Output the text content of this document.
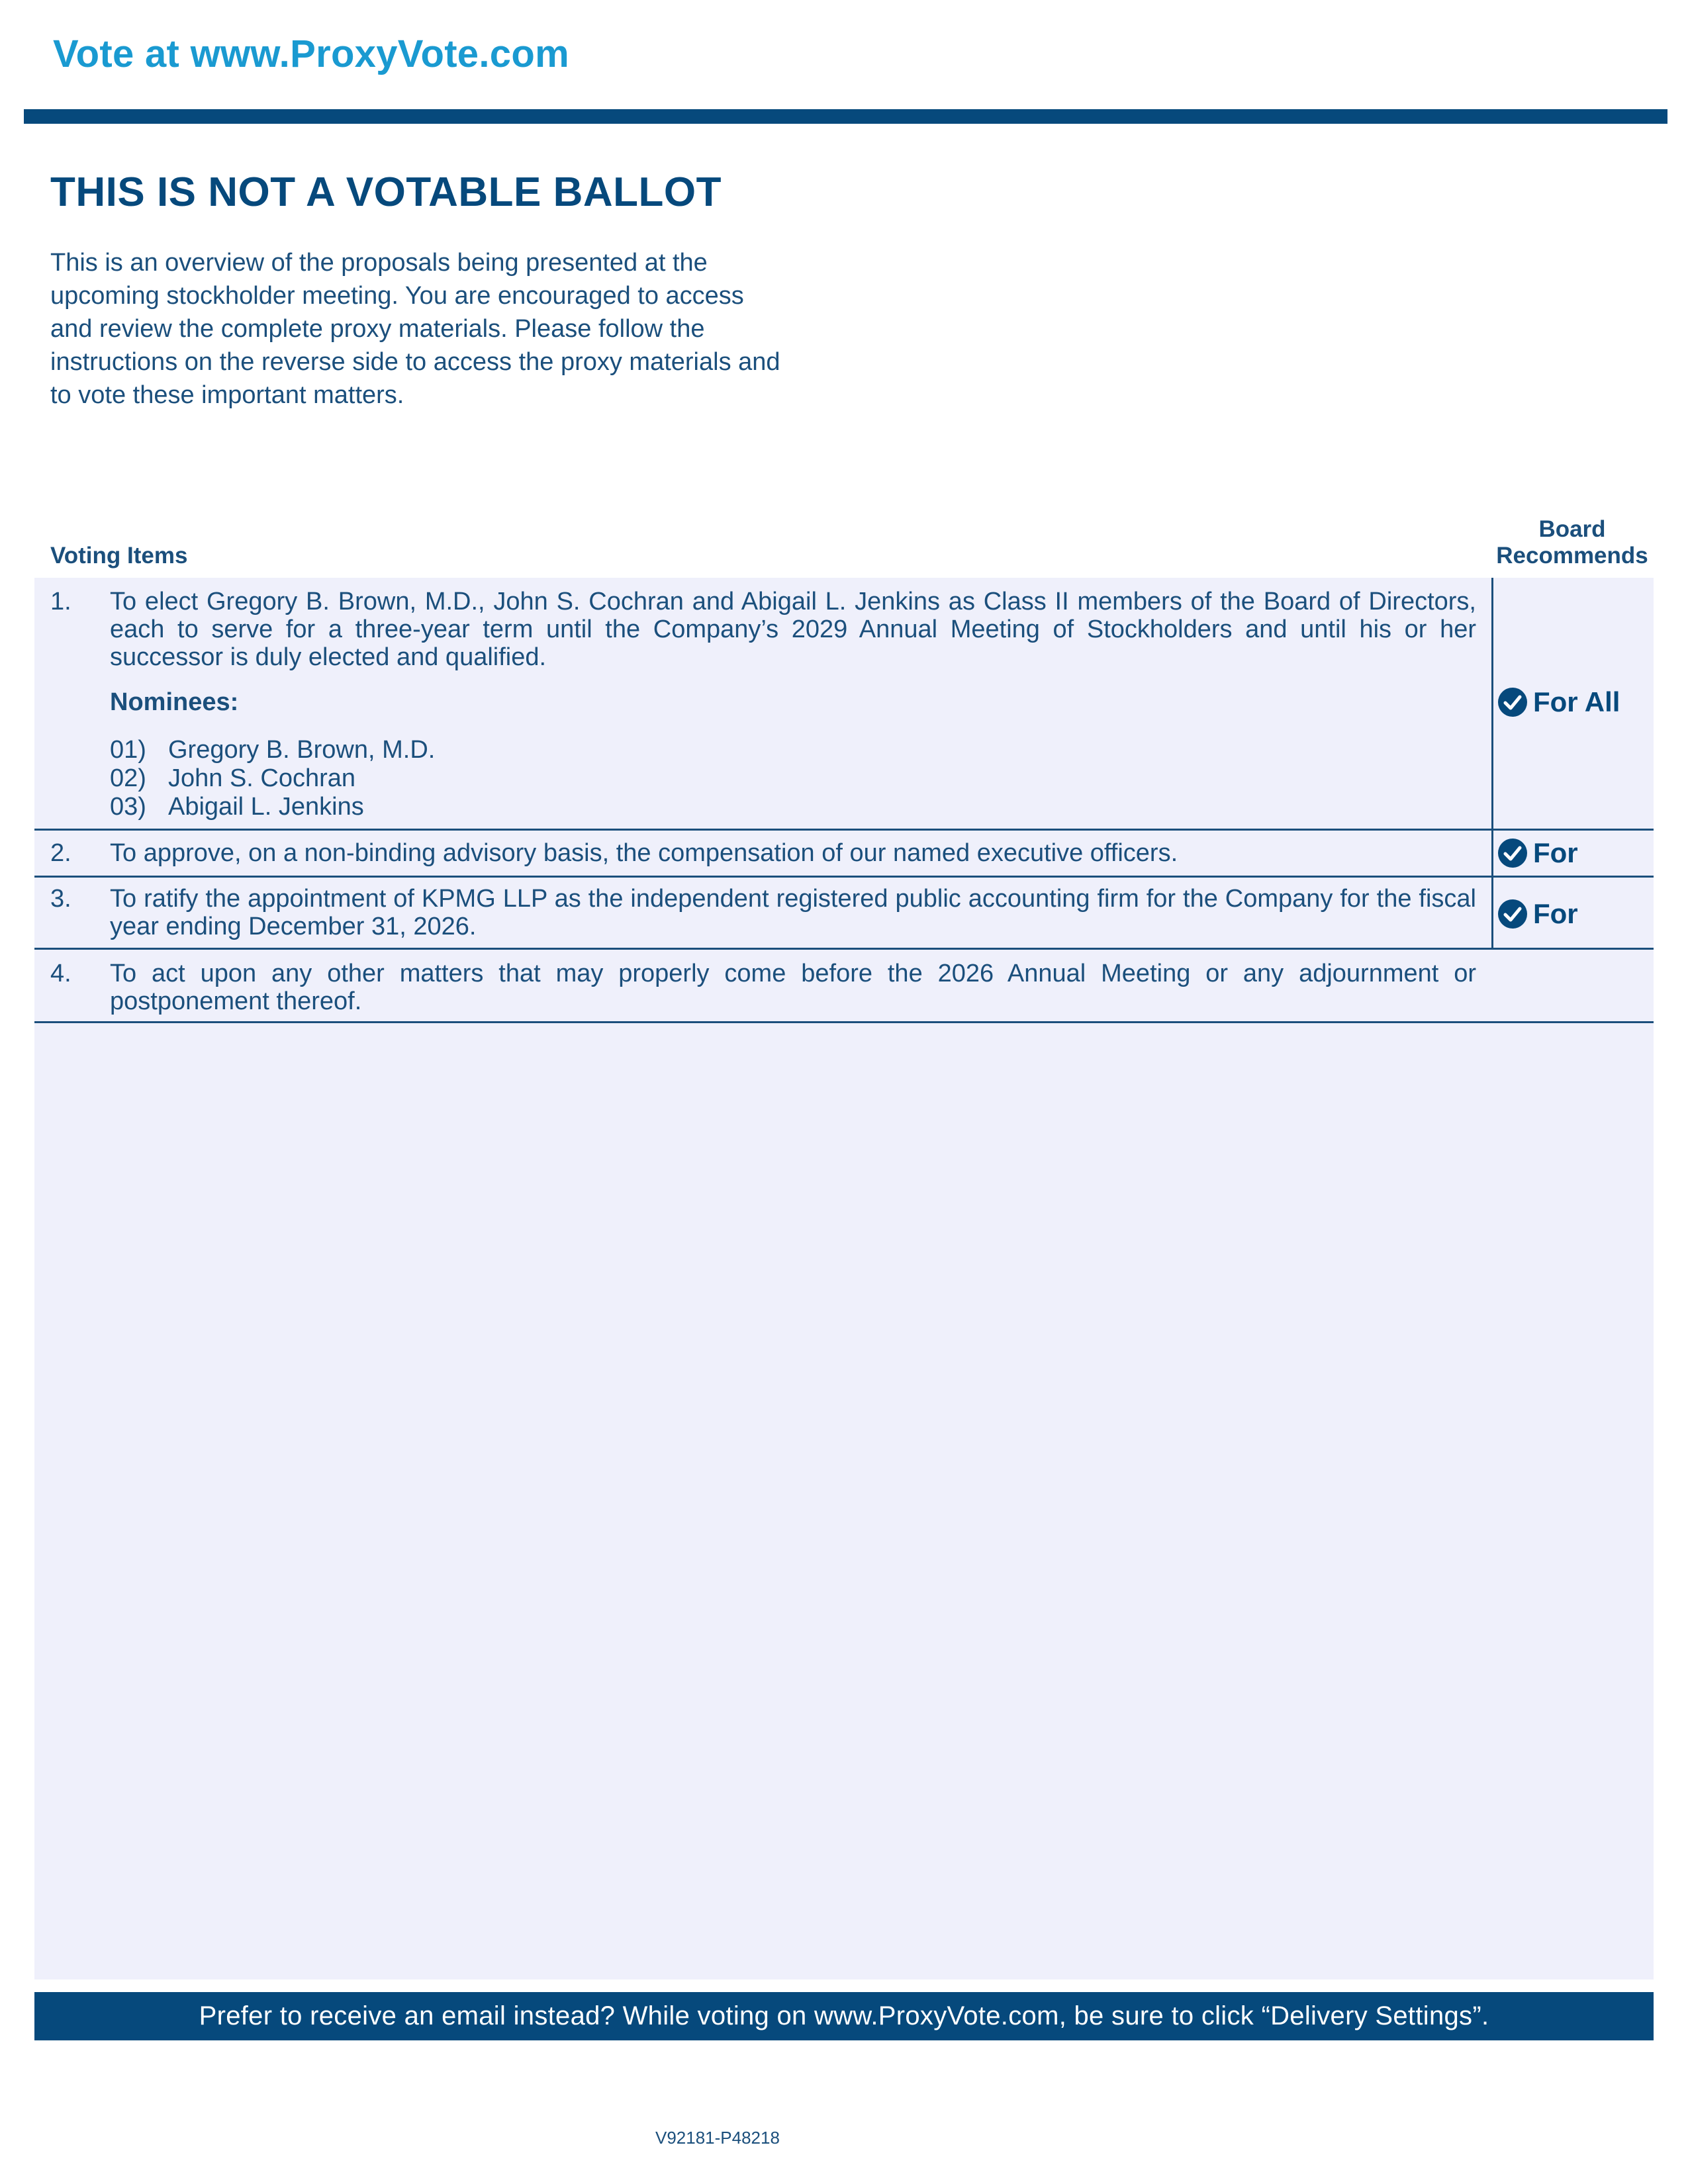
Vote at www.ProxyVote.com
THIS IS NOT A VOTABLE BALLOT
This is an overview of the proposals being presented at the
upcoming stockholder meeting. You are encouraged to access
and review the complete proxy materials. Please follow the
instructions on the reverse side to access the proxy materials and
to vote these important matters.
Voting Items
Board Recommends
1. To elect Gregory B. Brown, M.D., John S. Cochran and Abigail L. Jenkins as Class II members of the Board of Directors, each to serve for a three-year term until the Company’s 2029 Annual Meeting of Stockholders and until his or her successor is duly elected and qualified.
Nominees:
01) Gregory B. Brown, M.D.
02) John S. Cochran
03) Abigail L. Jenkins
For All
2. To approve, on a non-binding advisory basis, the compensation of our named executive officers.	For
3. To ratify the appointment of KPMG LLP as the independent registered public accounting firm for the Company for the fiscal year ending December 31, 2026.	For
4. To act upon any other matters that may properly come before the 2026 Annual Meeting or any adjournment or postponement thereof.
Prefer to receive an email instead? While voting on www.ProxyVote.com, be sure to click “Delivery Settings”.
V92181-P48218
